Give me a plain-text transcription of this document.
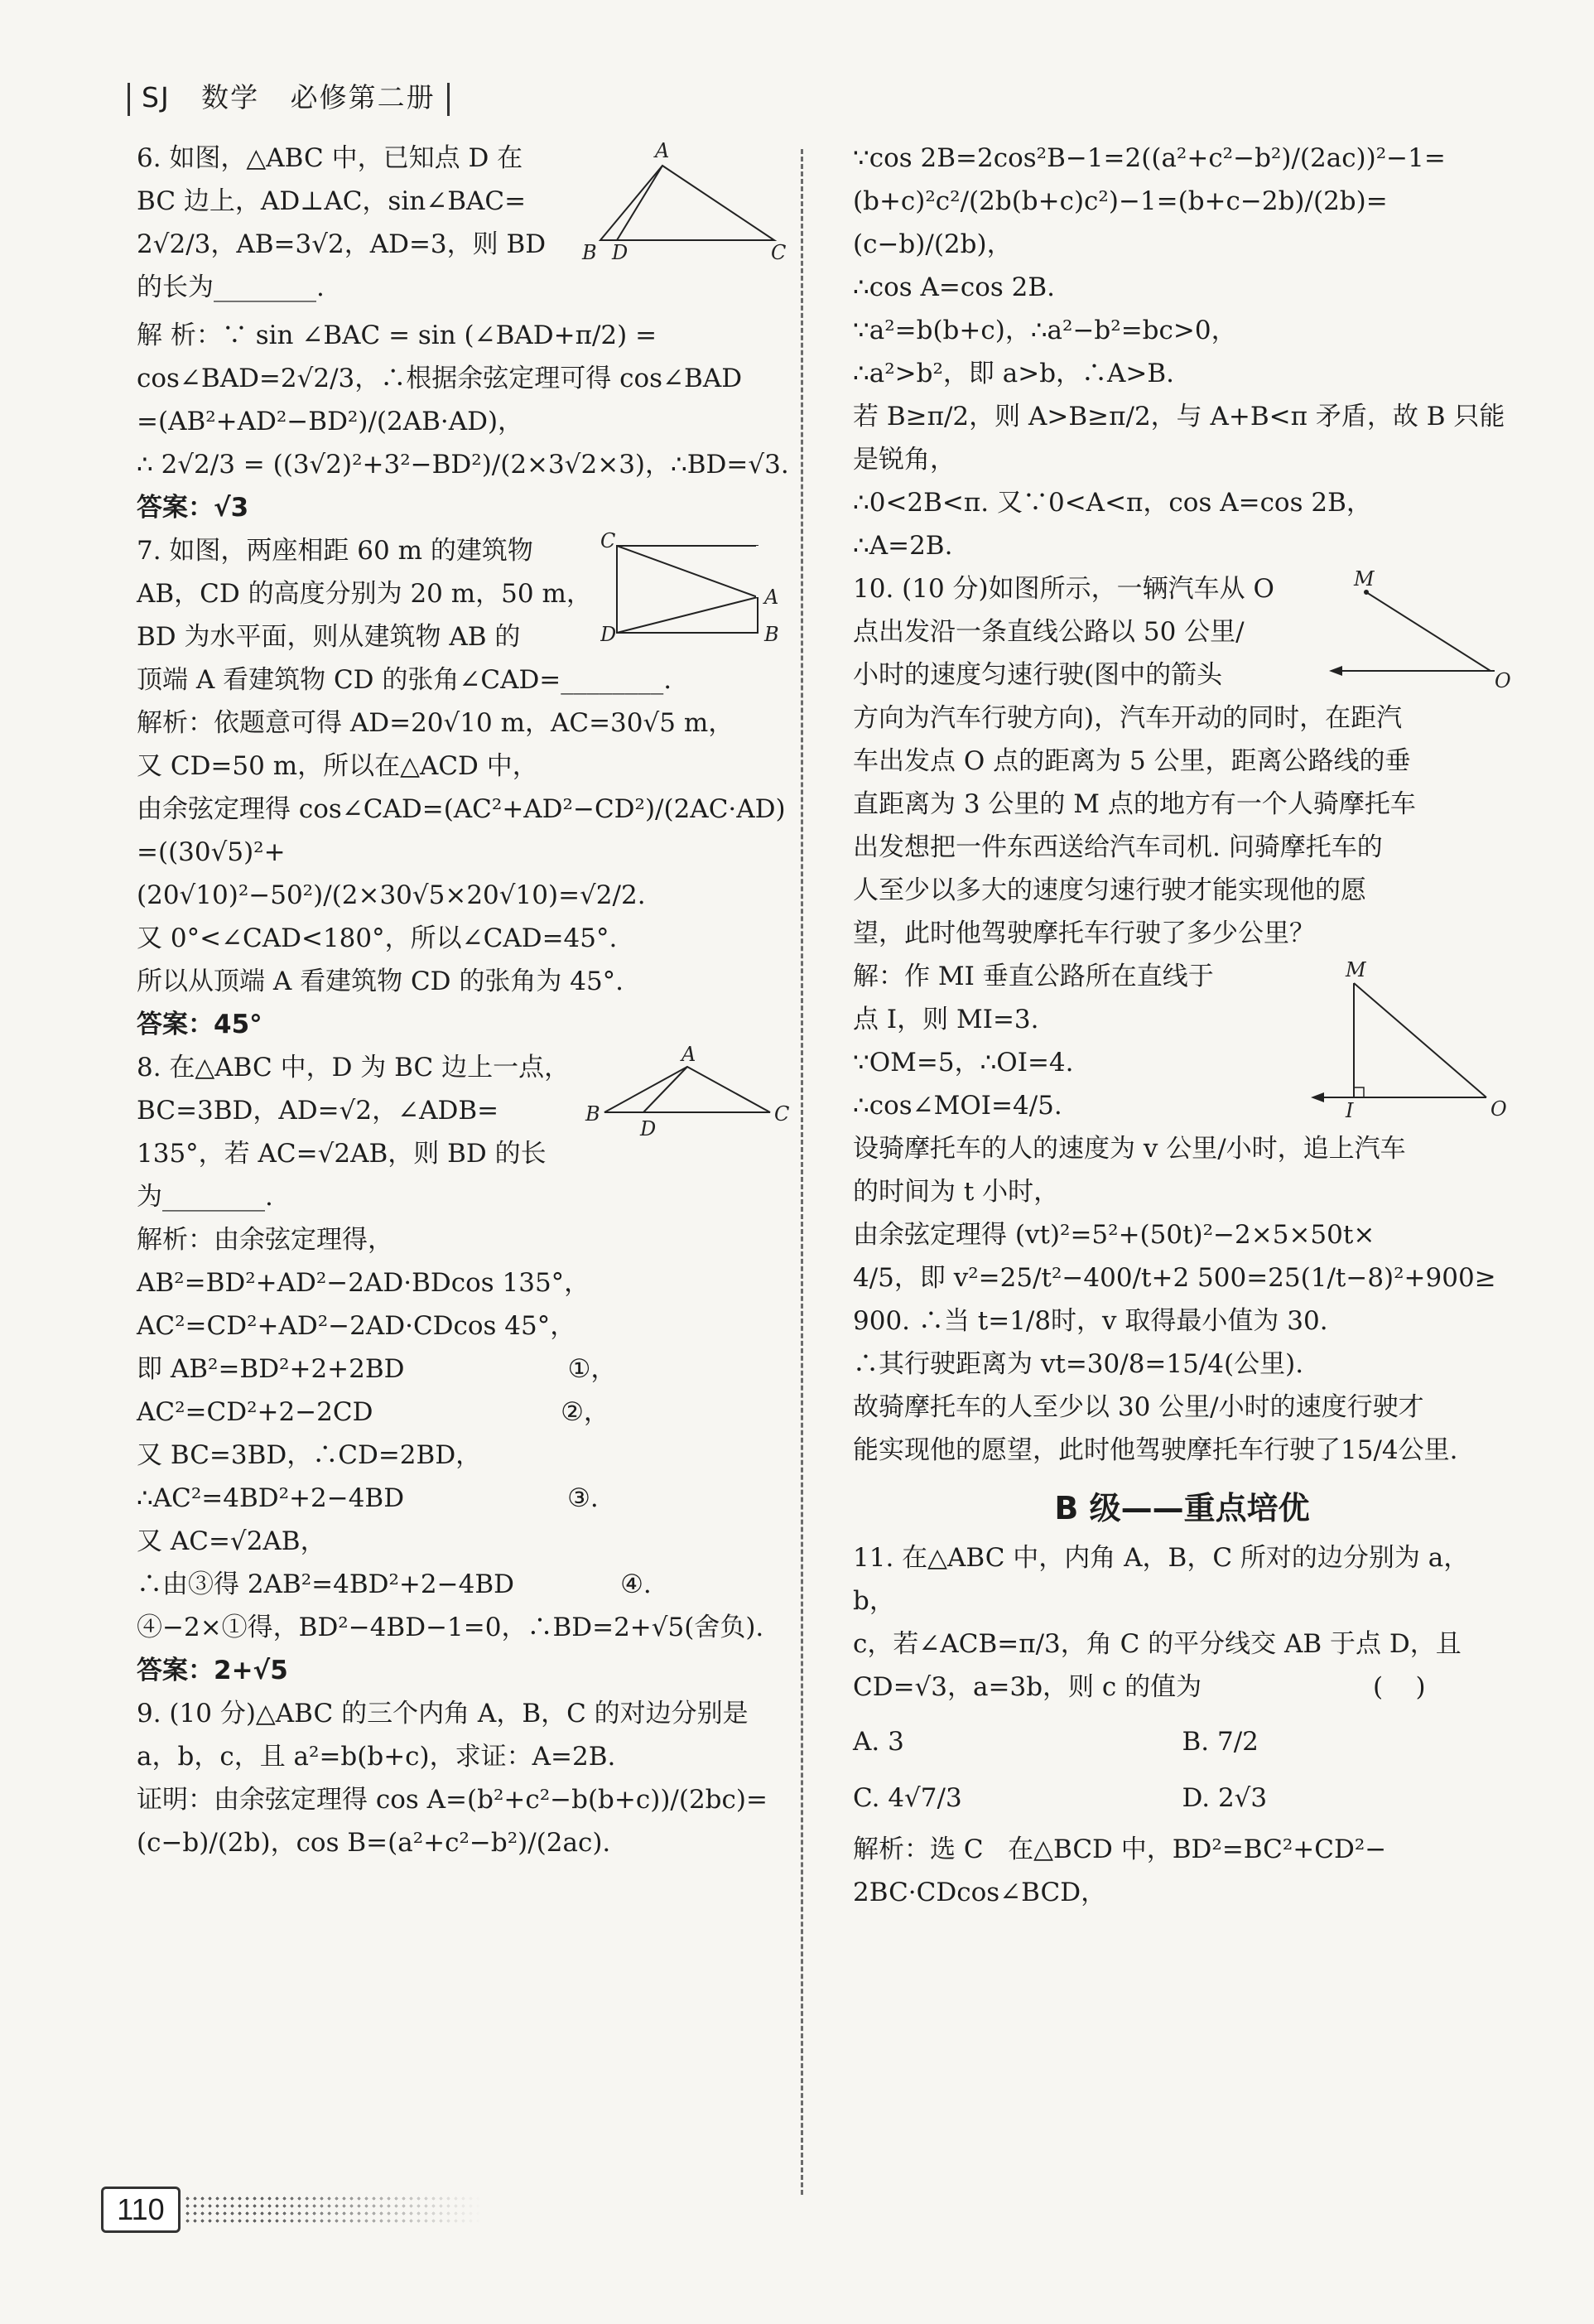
SJ 数学 必修第二册
A
B D	C

6. 如图，△ABC 中，已知点 D 在

BC 边上，AD⊥AC，sin∠BAC=

2√2/3，AB=3√2，AD=3，则 BD

的长为________.

解 析：∵ sin ∠BAC = sin (∠BAD+π/2) =

cos∠BAD=2√2/3，∴根据余弦定理可得 cos∠BAD

=(AB²+AD²−BD²)/(2AB·AD)，

∴ 2√2/3 = ((3√2)²+3²−BD²)/(2×3√2×3)，∴BD=√3.

答案：√3

C
D
A
B

7. 如图，两座相距 60 m 的建筑物

AB，CD 的高度分别为 20 m，50 m，

BD 为水平面，则从建筑物 AB 的

顶端 A 看建筑物 CD 的张角∠CAD=________.

解析：依题意可得 AD=20√10 m，AC=30√5 m，

又 CD=50 m，所以在△ACD 中，

由余弦定理得 cos∠CAD=(AC²+AD²−CD²)/(2AC·AD)

=((30√5)²+(20√10)²−50²)/(2×30√5×20√10)=√2/2.

又 0°<∠CAD<180°，所以∠CAD=45°.

所以从顶端 A 看建筑物 CD 的张角为 45°.

答案：45°

A
B
D
C

8. 在△ABC 中，D 为 BC 边上一点，

BC=3BD，AD=√2，∠ADB=

135°，若 AC=√2AB，则 BD 的长

为________.

解析：由余弦定理得，

AB²=BD²+AD²−2AD·BDcos 135°，

AC²=CD²+AD²−2AD·CDcos 45°，

即 AB²=BD²+2+2BD                    ①，

AC²=CD²+2−2CD                       ②，

又 BC=3BD，∴CD=2BD，

∴AC²=4BD²+2−4BD                    ③.

又 AC=√2AB，

∴由③得 2AB²=4BD²+2−4BD             ④.

④−2×①得，BD²−4BD−1=0，∴BD=2+√5(舍负).

答案：2+√5

9. (10 分)△ABC 的三个内角 A，B，C 的对边分别是

a，b，c，且 a²=b(b+c)，求证：A=2B.

证明：由余弦定理得 cos A=(b²+c²−b(b+c))/(2bc)=

(c−b)/(2b)，cos B=(a²+c²−b²)/(2ac).

∵cos 2B=2cos²B−1=2((a²+c²−b²)/(2ac))²−1=

(b+c)²c²/(2b(b+c)c²)−1=(b+c−2b)/(2b)=(c−b)/(2b)，

∴cos A=cos 2B.

∵a²=b(b+c)，∴a²−b²=bc>0，

∴a²>b²，即 a>b，∴A>B.

若 B≥π/2，则 A>B≥π/2，与 A+B<π 矛盾，故 B 只能

是锐角，

∴0<2B<π. 又∵0<A<π，cos A=cos 2B，

∴A=2B.

M
O

10. (10 分)如图所示，一辆汽车从 O

点出发沿一条直线公路以 50 公里/

小时的速度匀速行驶(图中的箭头

方向为汽车行驶方向)，汽车开动的同时，在距汽

车出发点 O 点的距离为 5 公里，距离公路线的垂

直距离为 3 公里的 M 点的地方有一个人骑摩托车

出发想把一件东西送给汽车司机. 问骑摩托车的

人至少以多大的速度匀速行驶才能实现他的愿

望，此时他驾驶摩托车行驶了多少公里？

M
I	O

解：作 MI 垂直公路所在直线于

点 I，则 MI=3.

∵OM=5，∴OI=4.

∴cos∠MOI=4/5.

设骑摩托车的人的速度为 v 公里/小时，追上汽车

的时间为 t 小时，

由余弦定理得 (vt)²=5²+(50t)²−2×5×50t×

4/5，即 v²=25/t²−400/t+2 500=25(1/t−8)²+900≥

900. ∴当 t=1/8时，v 取得最小值为 30.

∴其行驶距离为 vt=30/8=15/4(公里).

故骑摩托车的人至少以 30 公里/小时的速度行驶才

能实现他的愿望，此时他驾驶摩托车行驶了15/4公里.

B 级——重点培优

11. 在△ABC 中，内角 A，B，C 所对的边分别为 a，b，

c，若∠ACB=π/3，角 C 的平分线交 AB 于点 D，且

CD=√3，a=3b，则 c 的值为                     (    )

A. 3	B. 7/2
C. 4√7/3	D. 2√3

解析：选 C   在△BCD 中，BD²=BC²+CD²−

2BC·CDcos∠BCD，

110
